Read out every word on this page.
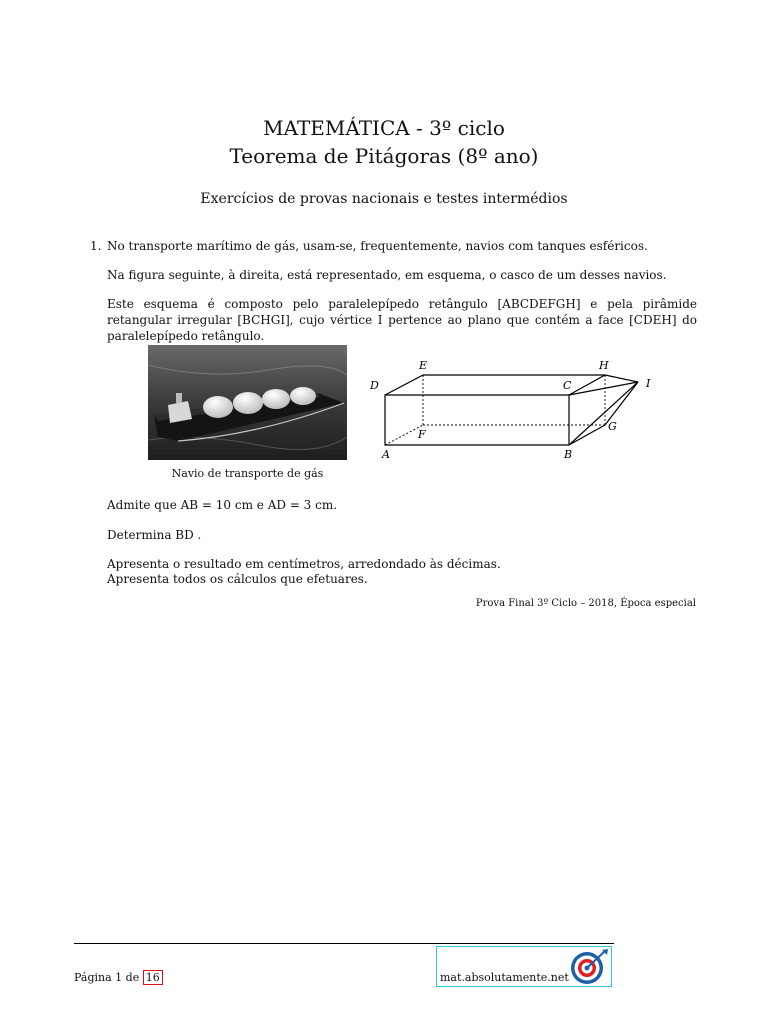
MATEMÁTICA - 3º ciclo
Teorema de Pitágoras (8º ano)
Exercícios de provas nacionais e testes intermédios
1. No transporte marítimo de gás, usam-se, frequentemente, navios com tanques esféricos.
Na figura seguinte, à direita, está representado, em esquema, o casco de um desses navios.
Este esquema é composto pelo paralelepípedo retângulo [ABCDEFGH] e pela pirâmide retangular irregular [BCHGI], cujo vértice I pertence ao plano que contém a face [CDEH] do paralelepípedo retângulo.
Navio de transporte de gás
E
D	C
H
I
F
G
A	B
Admite que AB = 10 cm e AD = 3 cm.
Determina BD .
Apresenta o resultado em centímetros, arredondado às décimas.
Apresenta todos os cálculos que efetuares.
Prova Final 3º Ciclo – 2018, Época especial
Página 1 de 16	mat.absolutamente.net
